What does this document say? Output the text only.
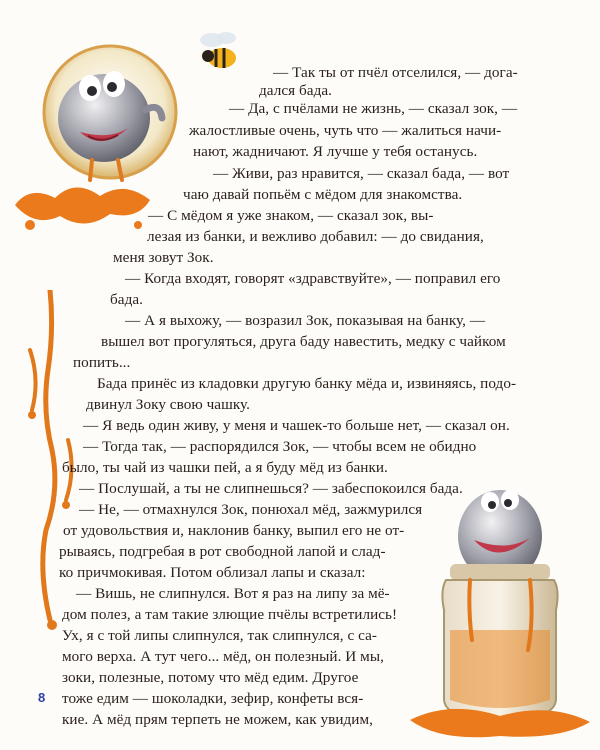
— Так ты от пчёл отселился, — дога-
дался бада.
— Да, с пчёлами не жизнь, — сказал зок, —
жалостливые очень, чуть что — жалиться начи-
нают, жадничают. Я лучше у тебя останусь.
— Живи, раз нравится, — сказал бада, — вот
чаю давай попьём с мёдом для знакомства.
— С мёдом я уже знаком, — сказал зок, вы-
лезая из банки, и вежливо добавил: — до свидания,
меня зовут Зок.
— Когда входят, говорят «здравствуйте», — поправил его
бада.
— А я выхожу, — возразил Зок, показывая на банку, —
вышел вот прогуляться, друга баду навестить, медку с чайком
попить...
Бада принёс из кладовки другую банку мёда и, извиняясь, подо-
двинул Зоку свою чашку.
— Я ведь один живу, у меня и чашек-то больше нет, — сказал он.
— Тогда так, — распорядился Зок, — чтобы всем не обидно
было, ты чай из чашки пей, а я буду мёд из банки.
— Послушай, а ты не слипнешься? — забеспокоился бада.
— Не, — отмахнулся Зок, понюхал мёд, зажмурился
от удовольствия и, наклонив банку, выпил его не от-
рываясь, подгребая в рот свободной лапой и слад-
ко причмокивая. Потом облизал лапы и сказал:
— Вишь, не слипнулся. Вот я раз на липу за мё-
дом полез, а там такие злющие пчёлы встретились!
Ух, я с той липы слипнулся, так слипнулся, с са-
мого верха. А тут чего... мёд, он полезный. И мы,
зоки, полезные, потому что мёд едим. Другое
тоже едим — шоколадки, зефир, конфеты вся-
кие. А мёд прям терпеть не можем, как увидим,
8
